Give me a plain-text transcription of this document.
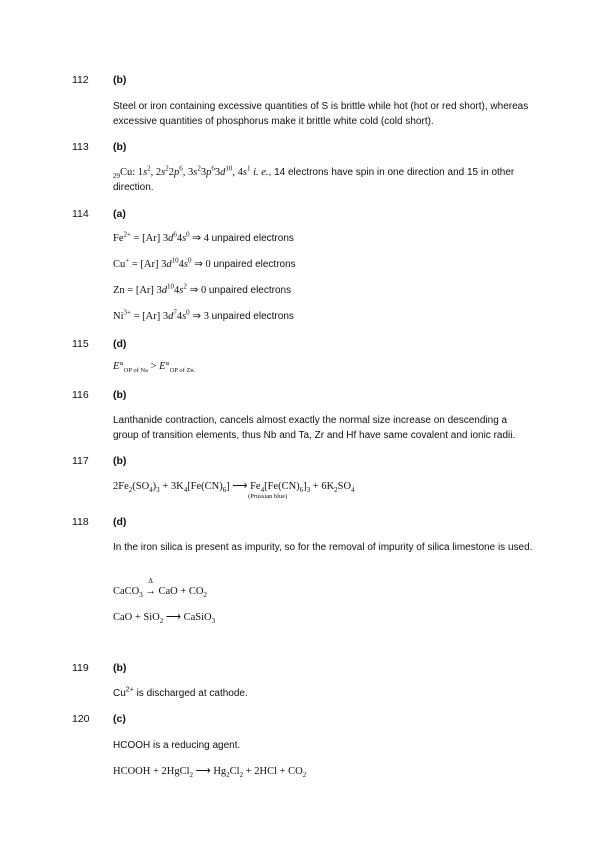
112 (b)
Steel or iron containing excessive quantities of S is brittle while hot (hot or red short), whereas excessive quantities of phosphorus make it brittle white cold (cold short).
113 (b)
$_{29}$Cu: $1s^2$, $2s^22p^6$, $3s^23p^63d^{10}$, $4s^1$ i. e., 14 electrons have spin in one direction and 15 in other direction.
114 (a)
$Fe^{2+} = [Ar]$ $3d^64s^0$ ⇒ 4 unpaired electrons
Cu+ = [Ar] $3d^{10}4s^0$ ⇒ 0 unpaired electrons
Zn = [Ar] $3d^{10}4s^2$ ⇒ 0 unpaired electrons
$Ni^{3+} = [Ar]$ $3d^74s^0$ ⇒ 3 unpaired electrons
115 (d)
$E^\circ_{OP of Na} > E^\circ_{OP of Zn.}$
116 (b)
Lanthanide contraction, cancels almost exactly the normal size increase on descending a group of transition elements, thus Nb and Ta, Zr and Hf have same covalent and ionic radii.
117 (b)
$2Fe_2(SO_4)_3 + 3K_4[Fe(CN)_6]$ ⟶ $Fe_4[Fe(CN)_6]_3$
(Prussian blue)
+ $6K_2SO_4$
118 (d)
In the iron silica is present as impurity, so for the removal of impurity of silica limestone is used.
CaCO$_3$ →
Δ
CaO + $CO_2$
CaO + SiO$_2$ ⟶ CaSiO$_3$
119 (b)
$Cu^{2+}$ is discharged at cathode.
120 (c)
HCOOH is a reducing agent.
HCOOH + 2HgCl$_2$ ⟶ $Hg_2Cl_2 + 2HCl + CO_2$
